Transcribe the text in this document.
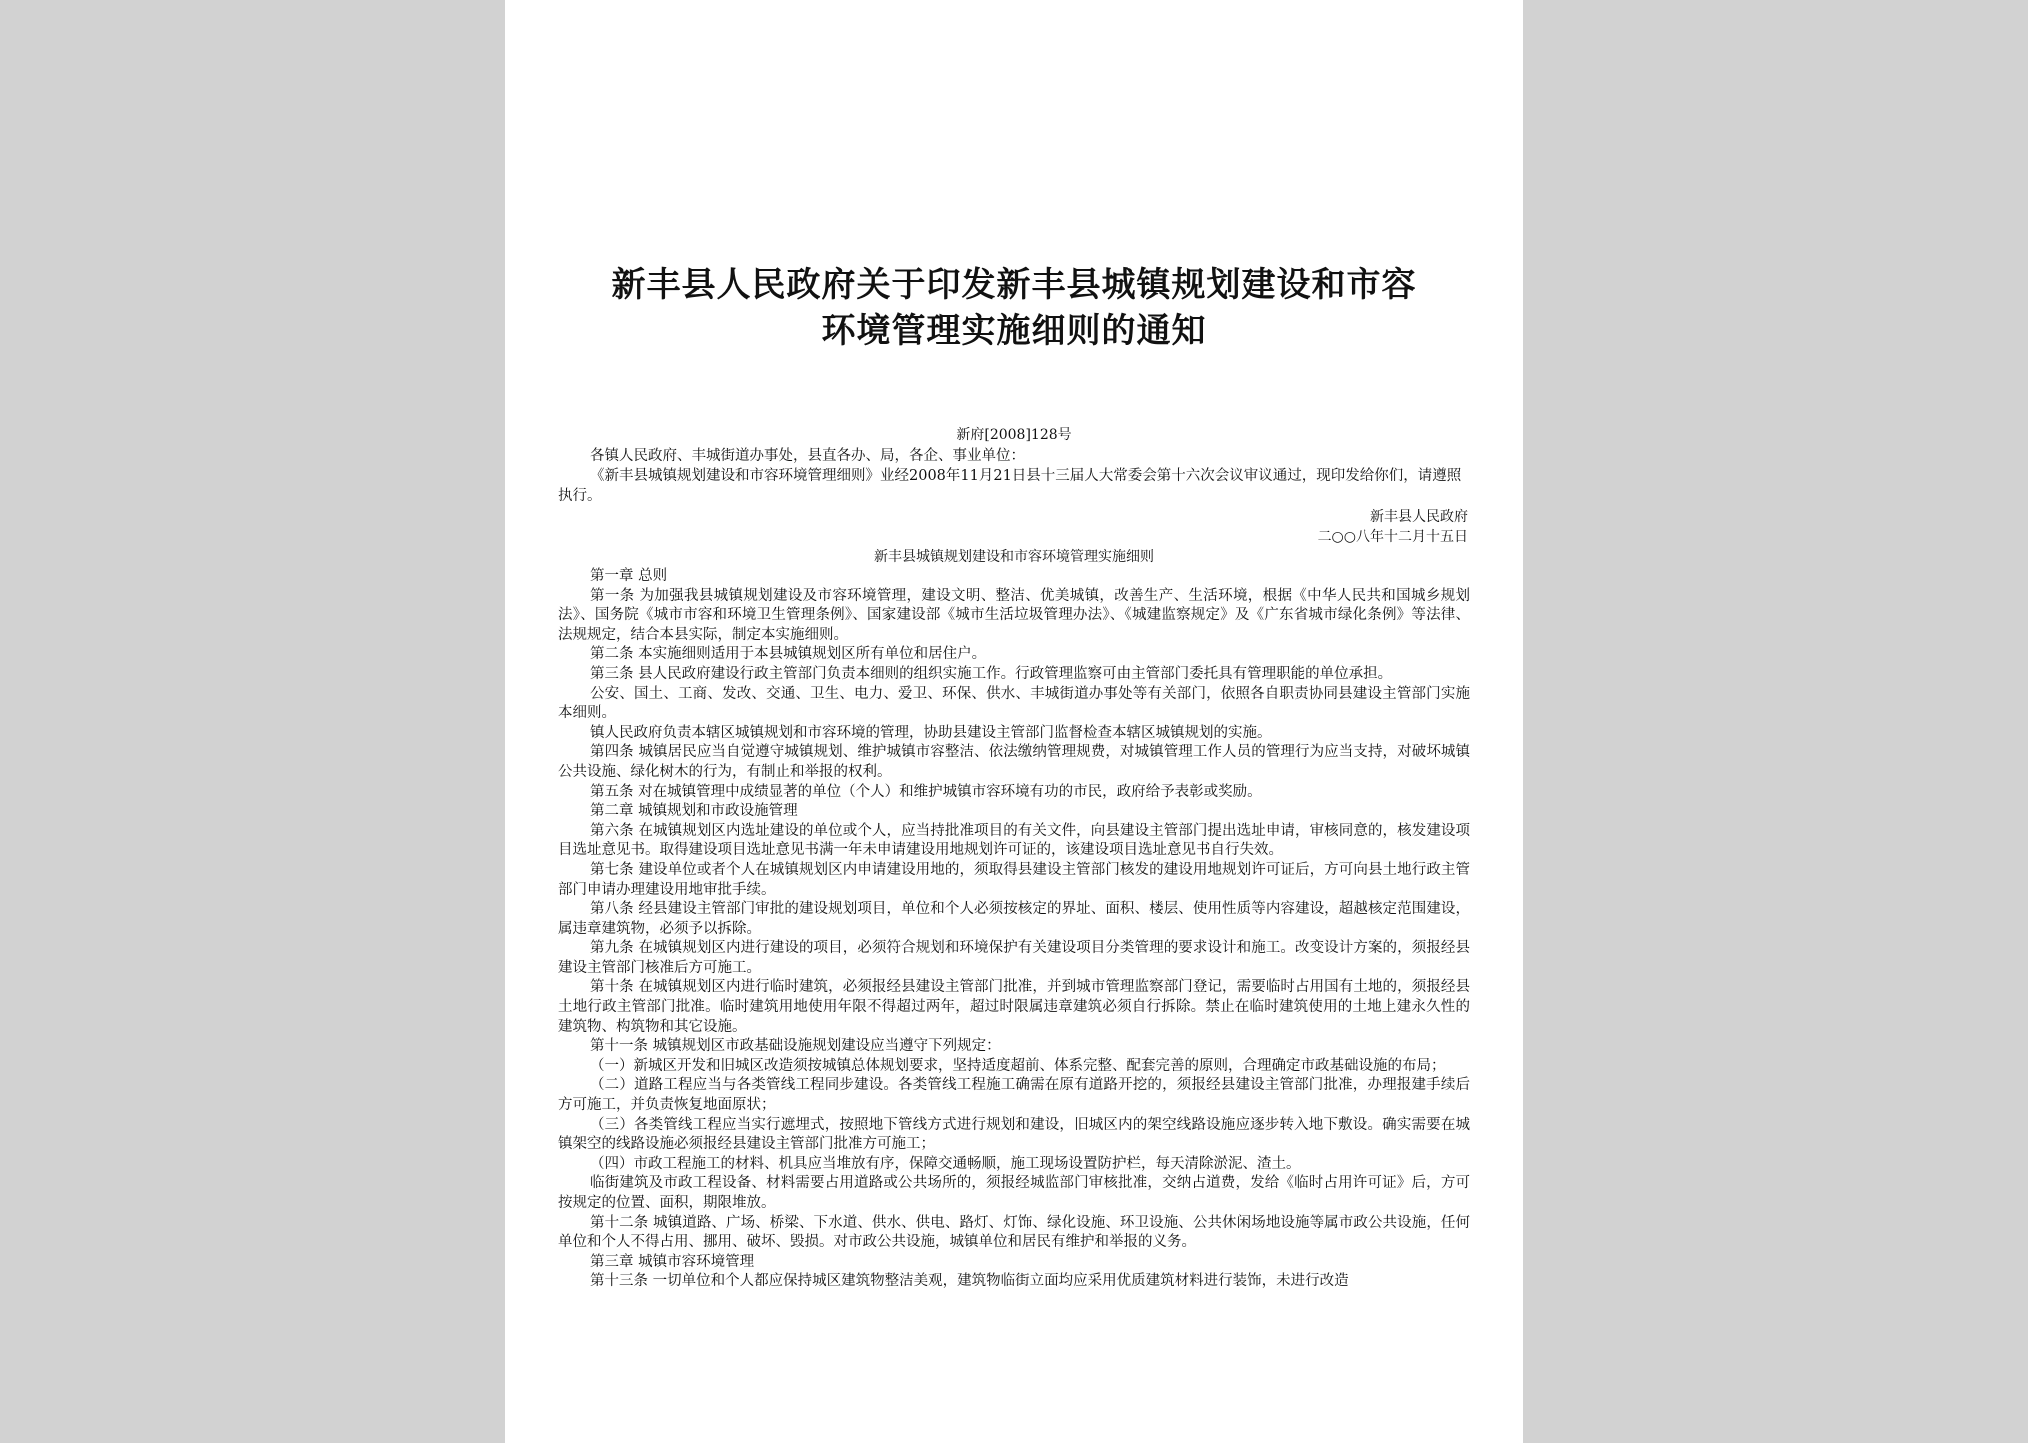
新丰县人民政府关于印发新丰县城镇规划建设和市容
环境管理实施细则的通知
新府[2008]128号
各镇人民政府、丰城街道办事处，县直各办、局，各企、事业单位：
《新丰县城镇规划建设和市容环境管理细则》业经2008年11月21日县十三届人大常委会第十六次会议审议通过，现印发给你们，请遵照执行。
新丰县人民政府
二○○八年十二月十五日
新丰县城镇规划建设和市容环境管理实施细则

第一章 总则

第一条 为加强我县城镇规划建设及市容环境管理，建设文明、整洁、优美城镇，改善生产、生活环境，根据《中华人民共和国城乡规划法》、国务院《城市市容和环境卫生管理条例》、国家建设部《城市生活垃圾管理办法》、《城建监察规定》及《广东省城市绿化条例》等法律、法规规定，结合本县实际，制定本实施细则。

第二条 本实施细则适用于本县城镇规划区所有单位和居住户。

第三条 县人民政府建设行政主管部门负责本细则的组织实施工作。行政管理监察可由主管部门委托具有管理职能的单位承担。

公安、国土、工商、发改、交通、卫生、电力、爱卫、环保、供水、丰城街道办事处等有关部门，依照各自职责协同县建设主管部门实施本细则。

镇人民政府负责本辖区城镇规划和市容环境的管理，协助县建设主管部门监督检查本辖区城镇规划的实施。

第四条 城镇居民应当自觉遵守城镇规划、维护城镇市容整洁、依法缴纳管理规费，对城镇管理工作人员的管理行为应当支持，对破坏城镇公共设施、绿化树木的行为，有制止和举报的权利。

第五条 对在城镇管理中成绩显著的单位（个人）和维护城镇市容环境有功的市民，政府给予表彰或奖励。

第二章 城镇规划和市政设施管理

第六条 在城镇规划区内选址建设的单位或个人，应当持批准项目的有关文件，向县建设主管部门提出选址申请，审核同意的，核发建设项目选址意见书。取得建设项目选址意见书满一年未申请建设用地规划许可证的，该建设项目选址意见书自行失效。

第七条 建设单位或者个人在城镇规划区内申请建设用地的，须取得县建设主管部门核发的建设用地规划许可证后，方可向县土地行政主管部门申请办理建设用地审批手续。

第八条 经县建设主管部门审批的建设规划项目，单位和个人必须按核定的界址、面积、楼层、使用性质等内容建设，超越核定范围建设，属违章建筑物，必须予以拆除。

第九条 在城镇规划区内进行建设的项目，必须符合规划和环境保护有关建设项目分类管理的要求设计和施工。改变设计方案的，须报经县建设主管部门核准后方可施工。

第十条 在城镇规划区内进行临时建筑，必须报经县建设主管部门批准，并到城市管理监察部门登记，需要临时占用国有土地的，须报经县土地行政主管部门批准。临时建筑用地使用年限不得超过两年，超过时限属违章建筑必须自行拆除。禁止在临时建筑使用的土地上建永久性的建筑物、构筑物和其它设施。

第十一条 城镇规划区市政基础设施规划建设应当遵守下列规定：

（一）新城区开发和旧城区改造须按城镇总体规划要求，坚持适度超前、体系完整、配套完善的原则，合理确定市政基础设施的布局；

（二）道路工程应当与各类管线工程同步建设。各类管线工程施工确需在原有道路开挖的，须报经县建设主管部门批准，办理报建手续后方可施工，并负责恢复地面原状；

（三）各类管线工程应当实行遮埋式，按照地下管线方式进行规划和建设，旧城区内的架空线路设施应逐步转入地下敷设。确实需要在城镇架空的线路设施必须报经县建设主管部门批准方可施工；

（四）市政工程施工的材料、机具应当堆放有序，保障交通畅顺，施工现场设置防护栏，每天清除淤泥、渣土。

临街建筑及市政工程设备、材料需要占用道路或公共场所的，须报经城监部门审核批准，交纳占道费，发给《临时占用许可证》后，方可按规定的位置、面积，期限堆放。

第十二条 城镇道路、广场、桥梁、下水道、供水、供电、路灯、灯饰、绿化设施、环卫设施、公共休闲场地设施等属市政公共设施，任何单位和个人不得占用、挪用、破坏、毁损。对市政公共设施，城镇单位和居民有维护和举报的义务。

第三章 城镇市容环境管理

第十三条 一切单位和个人都应保持城区建筑物整洁美观，建筑物临街立面均应采用优质建筑材料进行装饰，未进行改造
